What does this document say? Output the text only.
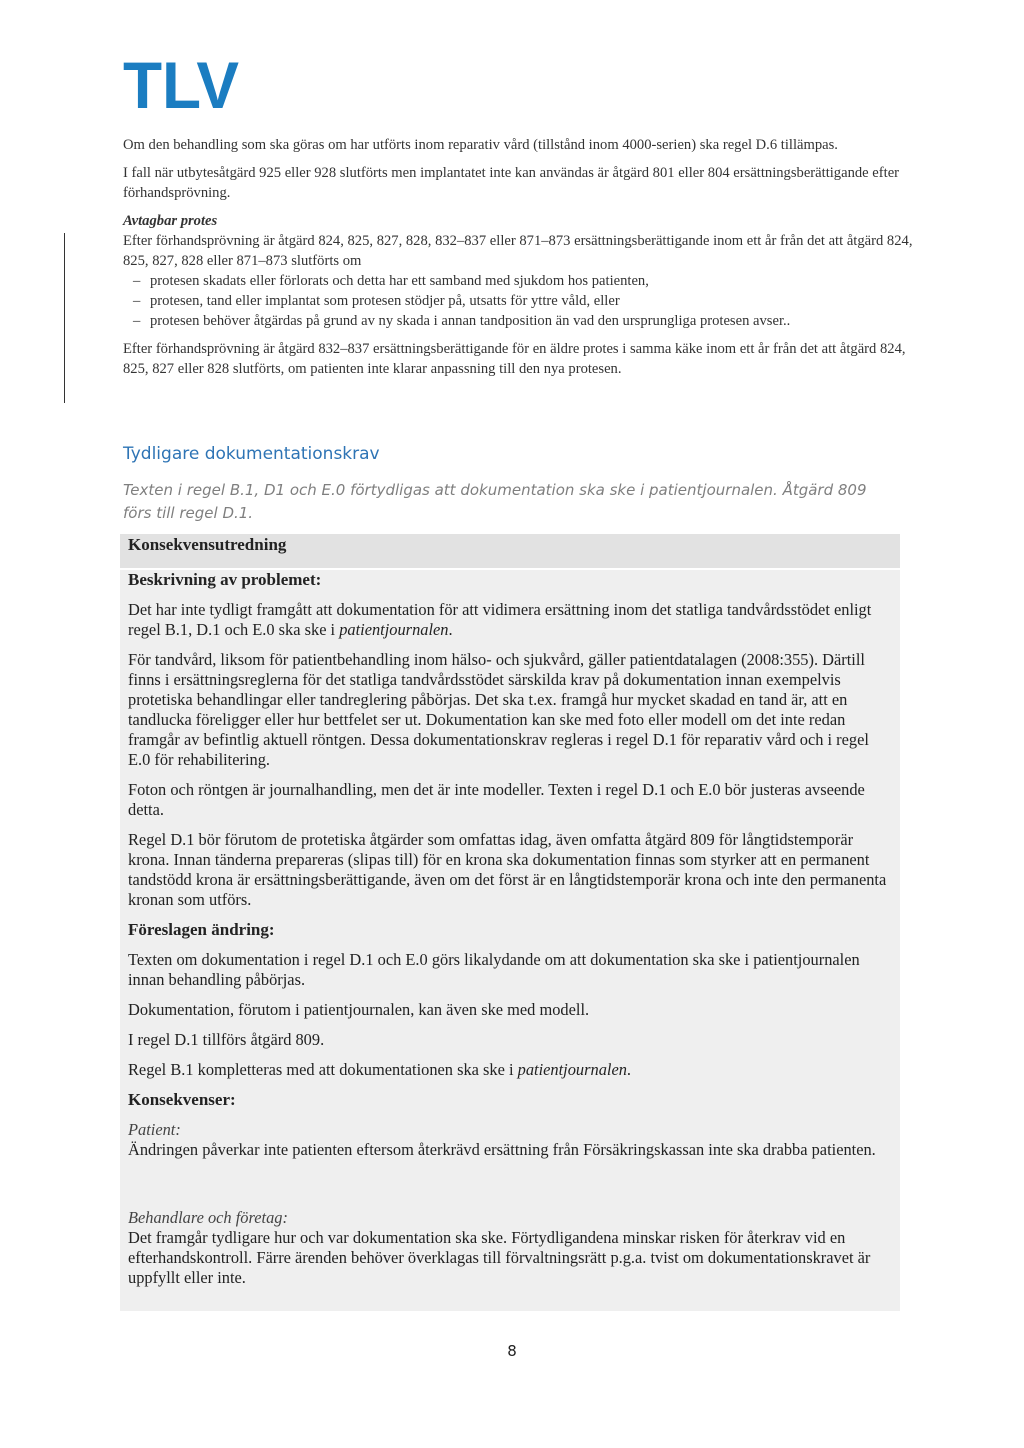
TLV

Om den behandling som ska göras om har utförts inom reparativ vård (tillstånd inom 4000-serien) ska regel D.6 tillämpas.

I fall när utbytesåtgärd 925 eller 928 slutförts men implantatet inte kan användas är åtgärd 801 eller 804 ersättningsberättigande efter förhandsprövning.

Avtagbar protes

Efter förhandsprövning är åtgärd 824, 825, 827, 828, 832–837 eller 871–873 ersättningsberättigande inom ett år från det att åtgärd 824, 825, 827, 828 eller 871–873 slutförts om

– protesen skadats eller förlorats och detta har ett samband med sjukdom hos patienten,
– protesen, tand eller implantat som protesen stödjer på, utsatts för yttre våld, eller
– protesen behöver åtgärdas på grund av ny skada i annan tandposition än vad den ursprungliga protesen avser..

Efter förhandsprövning är åtgärd 832–837 ersättningsberättigande för en äldre protes i samma käke inom ett år från det att åtgärd 824, 825, 827 eller 828 slutförts, om patienten inte klarar anpassning till den nya protesen.

Tydligare dokumentationskrav
Texten i regel B.1, D1 och E.0 förtydligas att dokumentation ska ske i patientjournalen. Åtgärd 809 förs till regel D.1.
Konsekvensutredning

Beskrivning av problemet:

Det har inte tydligt framgått att dokumentation för att vidimera ersättning inom det statliga tandvårdsstödet enligt regel B.1, D.1 och E.0 ska ske i patientjournalen.

För tandvård, liksom för patientbehandling inom hälso- och sjukvård, gäller patientdatalagen (2008:355). Därtill finns i ersättningsreglerna för det statliga tandvårdsstödet särskilda krav på dokumentation innan exempelvis protetiska behandlingar eller tandreglering påbörjas. Det ska t.ex. framgå hur mycket skadad en tand är, att en tandlucka föreligger eller hur bettfelet ser ut. Dokumentation kan ske med foto eller modell om det inte redan framgår av befintlig aktuell röntgen. Dessa dokumentationskrav regleras i regel D.1 för reparativ vård och i regel E.0 för rehabilitering.

Foton och röntgen är journalhandling, men det är inte modeller. Texten i regel D.1 och E.0 bör justeras avseende detta.

Regel D.1 bör förutom de protetiska åtgärder som omfattas idag, även omfatta åtgärd 809 för långtidstemporär krona. Innan tänderna prepareras (slipas till) för en krona ska dokumentation finnas som styrker att en permanent tandstödd krona är ersättningsberättigande, även om det först är en långtidstemporär krona och inte den permanenta kronan som utförs.

Föreslagen ändring:

Texten om dokumentation i regel D.1 och E.0 görs likalydande om att dokumentation ska ske i patientjournalen innan behandling påbörjas.

Dokumentation, förutom i patientjournalen, kan även ske med modell.

I regel D.1 tillförs åtgärd 809.

Regel B.1 kompletteras med att dokumentationen ska ske i patientjournalen.

Konsekvenser:

Patient:

Ändringen påverkar inte patienten eftersom återkrävd ersättning från Försäkringskassan inte ska drabba patienten.

Behandlare och företag:

Det framgår tydligare hur och var dokumentation ska ske. Förtydligandena minskar risken för återkrav vid en efterhandskontroll. Färre ärenden behöver överklagas till förvaltningsrätt p.g.a. tvist om dokumentationskravet är uppfyllt eller inte.

8
